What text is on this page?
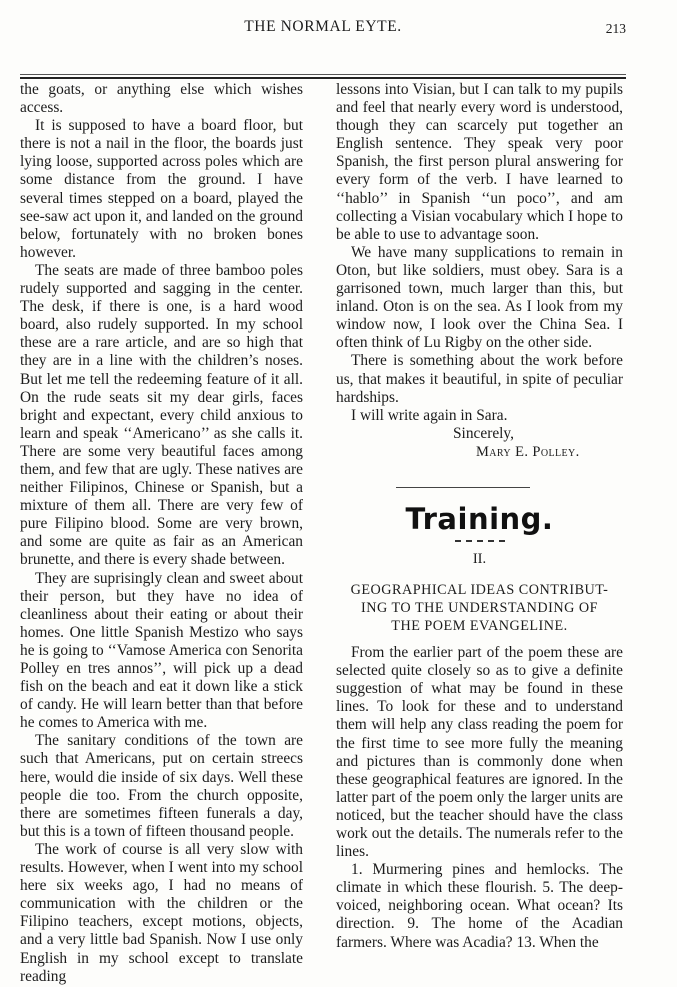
THE NORMAL EYTE.	213

the goats, or anything else which wishes access.

It is supposed to have a board floor, but there is not a nail in the floor, the boards just lying loose, supported across poles which are some distance from the ground. I have several times stepped on a board, played the see-saw act upon it, and landed on the ground below, fortunately with no broken bones however.

The seats are made of three bamboo poles rudely supported and sagging in the center. The desk, if there is one, is a hard wood board, also rudely supported. In my school these are a rare article, and are so high that they are in a line with the children’s noses. But let me tell the redeeming feature of it all. On the rude seats sit my dear girls, faces bright and expectant, every child anxious to learn and speak ‘‘Americano’’ as she calls it. There are some very beautiful faces among them, and few that are ugly. These natives are neither Filipinos, Chinese or Spanish, but a mixture of them all. There are very few of pure Filipino blood. Some are very brown, and some are quite as fair as an American brunette, and there is every shade between.

They are suprisingly clean and sweet about their person, but they have no idea of cleanliness about their eating or about their homes. One little Spanish Mestizo who says he is going to ‘‘Vamose America con Senorita Polley en tres annos’’, will pick up a dead fish on the beach and eat it down like a stick of candy. He will learn better than that before he comes to America with me.

The sanitary conditions of the town are such that Americans, put on certain streecs here, would die inside of six days. Well these people die too. From the church opposite, there are sometimes fifteen funerals a day, but this is a town of fifteen thousand people.

The work of course is all very slow with results. However, when I went into my school here six weeks ago, I had no means of communication with the children or the Filipino teachers, except motions, objects, and a very little bad Spanish. Now I use only English in my school except to translate reading

lessons into Visian, but I can talk to my pupils and feel that nearly every word is understood, though they can scarcely put together an English sentence. They speak very poor Spanish, the first person plural answering for every form of the verb. I have learned to ‘‘hablo’’ in Spanish ‘‘un poco’’, and am collecting a Visian vocabulary which I hope to be able to use to advantage soon.

We have many supplications to remain in Oton, but like soldiers, must obey. Sara is a garrisoned town, much larger than this, but inland. Oton is on the sea. As I look from my window now, I look over the China Sea. I often think of Lu Rigby on the other side.

There is something about the work before us, that makes it beautiful, in spite of peculiar hardships.

I will write again in Sara.

Sincerely,

Mary E. Polley.

Training.
II.
GEOGRAPHICAL IDEAS CONTRIBUT-
ING TO THE UNDERSTANDING OF
THE POEM EVANGELINE.

From the earlier part of the poem these are selected quite closely so as to give a definite suggestion of what may be found in these lines. To look for these and to understand them will help any class reading the poem for the first time to see more fully the meaning and pictures than is commonly done when these geographical features are ignored. In the latter part of the poem only the larger units are noticed, but the teacher should have the class work out the details. The numerals refer to the lines.

1. Murmering pines and hemlocks. The climate in which these flourish. 5. The deep-voiced, neighboring ocean. What ocean? Its direction. 9. The home of the Acadian farmers. Where was Acadia? 13. When the
